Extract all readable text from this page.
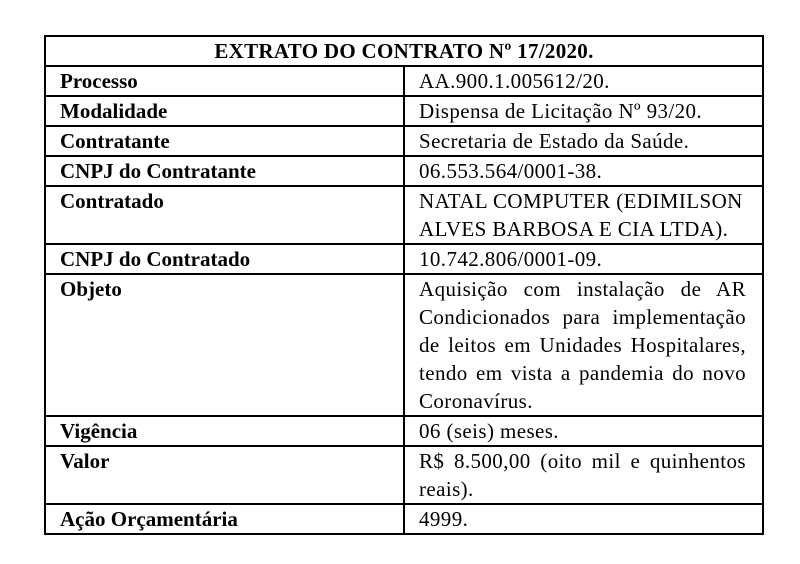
EXTRATO DO CONTRATO Nº 17/2020.	
Processo	AA.900.1.005612/20.
Modalidade	Dispensa de Licitação Nº 93/20.
Contratante	Secretaria de Estado da Saúde.
CNPJ do Contratante	06.553.564/0001-38.
Contratado	NATAL COMPUTER (EDIMILSON ALVES BARBOSA E CIA LTDA).
CNPJ do Contratado	10.742.806/0001-09.
Objeto	Aquisição com instalação de AR Condicionados para implementação de leitos em Unidades Hospitalares, tendo em vista a pandemia do novo Coronavírus.
Vigência	06 (seis) meses.
Valor	R$ 8.500,00 (oito mil e quinhentos reais).
Ação Orçamentária	4999.
